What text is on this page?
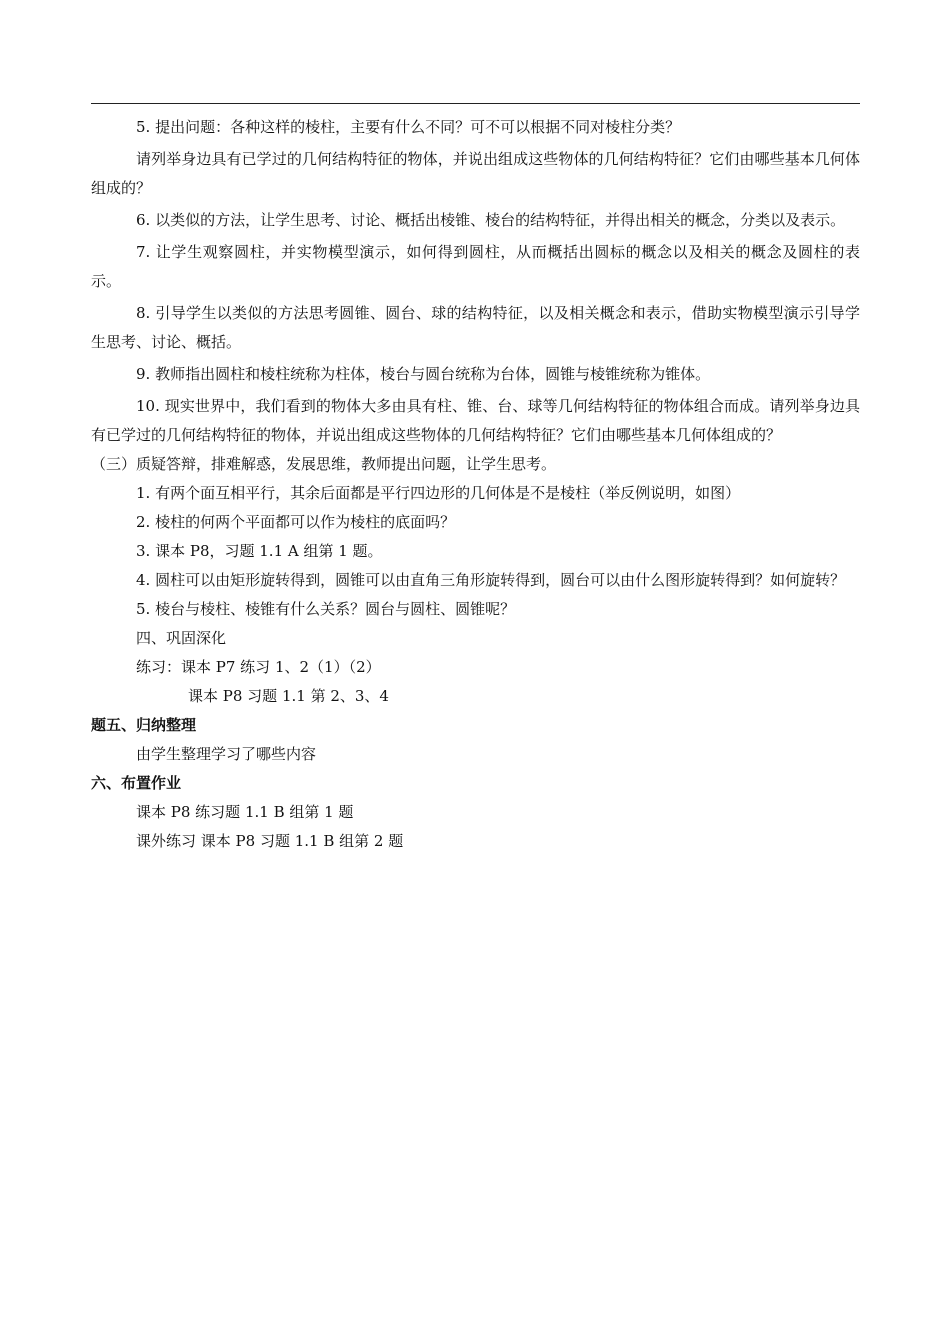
5. 提出问题：各种这样的棱柱，主要有什么不同？可不可以根据不同对棱柱分类？

请列举身边具有已学过的几何结构特征的物体，并说出组成这些物体的几何结构特征？它们由哪些基本几何体组成的？

6. 以类似的方法，让学生思考、讨论、概括出棱锥、棱台的结构特征，并得出相关的概念，分类以及表示。

7. 让学生观察圆柱，并实物模型演示，如何得到圆柱，从而概括出圆标的概念以及相关的概念及圆柱的表示。

8. 引导学生以类似的方法思考圆锥、圆台、球的结构特征，以及相关概念和表示，借助实物模型演示引导学生思考、讨论、概括。

9. 教师指出圆柱和棱柱统称为柱体，棱台与圆台统称为台体，圆锥与棱锥统称为锥体。

10. 现实世界中，我们看到的物体大多由具有柱、锥、台、球等几何结构特征的物体组合而成。请列举身边具有已学过的几何结构特征的物体，并说出组成这些物体的几何结构特征？它们由哪些基本几何体组成的？

（三）质疑答辩，排难解惑，发展思维，教师提出问题，让学生思考。

1. 有两个面互相平行，其余后面都是平行四边形的几何体是不是棱柱（举反例说明，如图）

2. 棱柱的何两个平面都可以作为棱柱的底面吗？

3. 课本 P8，习题 1.1 A 组第 1 题。

4. 圆柱可以由矩形旋转得到，圆锥可以由直角三角形旋转得到，圆台可以由什么图形旋转得到？如何旋转？

5. 棱台与棱柱、棱锥有什么关系？圆台与圆柱、圆锥呢？

四、巩固深化

练习：课本 P7 练习 1、2（1）（2）

课本 P8 习题 1.1 第 2、3、4

题五、归纳整理

由学生整理学习了哪些内容

六、布置作业

课本 P8 练习题 1.1 B 组第 1 题

课外练习 课本 P8 习题 1.1 B 组第 2 题
